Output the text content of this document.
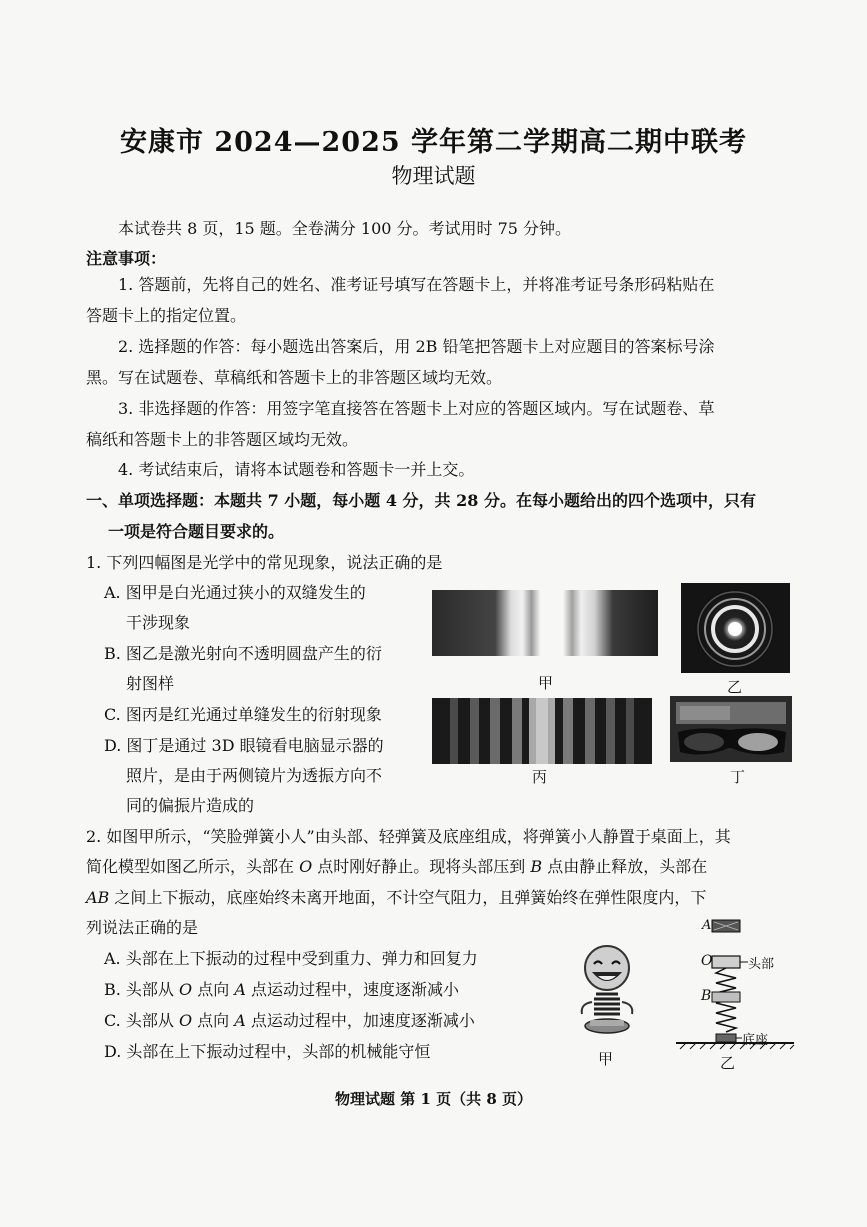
安康市 2024—2025 学年第二学期高二期中联考
物理试题
本试卷共 8 页，15 题。全卷满分 100 分。考试用时 75 分钟。
注意事项：
1. 答题前，先将自己的姓名、准考证号填写在答题卡上，并将准考证号条形码粘贴在
答题卡上的指定位置。
2. 选择题的作答：每小题选出答案后，用 2B 铅笔把答题卡上对应题目的答案标号涂
黑。写在试题卷、草稿纸和答题卡上的非答题区域均无效。
3. 非选择题的作答：用签字笔直接答在答题卡上对应的答题区域内。写在试题卷、草
稿纸和答题卡上的非答题区域均无效。
4. 考试结束后，请将本试题卷和答题卡一并上交。
一、单项选择题：本题共 7 小题，每小题 4 分，共 28 分。在每小题给出的四个选项中，只有
一项是符合题目要求的。
1. 下列四幅图是光学中的常见现象，说法正确的是
A. 图甲是白光通过狭小的双缝发生的
干涉现象
B. 图乙是激光射向不透明圆盘产生的衍
射图样
C. 图丙是红光通过单缝发生的衍射现象
D. 图丁是通过 3D 眼镜看电脑显示器的
照片，是由于两侧镜片为透振方向不
同的偏振片造成的
甲	乙
丙	丁
2. 如图甲所示，“笑脸弹簧小人”由头部、轻弹簧及底座组成，将弹簧小人静置于桌面上，其
简化模型如图乙所示，头部在 O 点时刚好静止。现将头部压到 B 点由静止释放，头部在
AB 之间上下振动，底座始终未离开地面，不计空气阻力，且弹簧始终在弹性限度内，下
列说法正确的是
A. 头部在上下振动的过程中受到重力、弹力和回复力
B. 头部从 O 点向 A 点运动过程中，速度逐渐减小
C. 头部从 O 点向 A 点运动过程中，加速度逐渐减小
D. 头部在上下振动过程中，头部的机械能守恒	甲
A
O	头部
B
底座
乙
物理试题 第 1 页（共 8 页）
